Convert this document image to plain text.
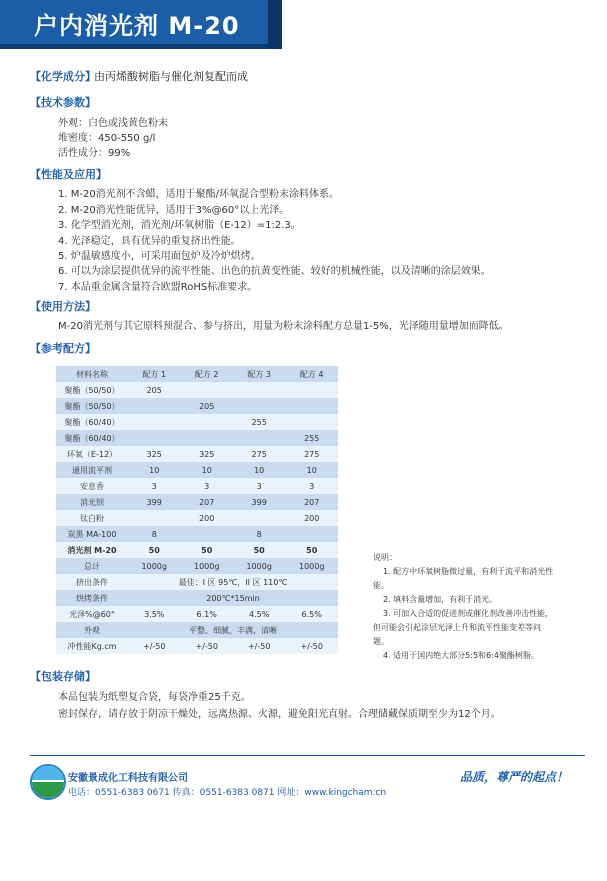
户内消光剂 M-20
【化学成分】
由丙烯酸树脂与催化剂复配而成
【技术参数】
外观：白色或浅黄色粉末
堆密度：450-550 g/l
活性成分：99%
【性能及应用】
1. M-20消光剂不含蜡，适用于聚酯/环氧混合型粉末涂料体系。
2. M-20消光性能优异，适用于3%@60°以上光泽。
3. 化学型消光剂，消光剂/环氧树脂（E-12）=1:2.3。
4. 光泽稳定，具有优异的重复挤出性能。
5. 炉温敏感度小，可采用面包炉及冷炉烘烤。
6. 可以为涂层提供优异的流平性能、出色的抗黄变性能、较好的机械性能，以及清晰的涂层效果。
7. 本品重金属含量符合欧盟RoHS标准要求。
【使用方法】
M-20消光剂与其它原料预混合、参与挤出，用量为粉末涂料配方总量1-5%，光泽随用量增加而降低。
【参考配方】
材料名称	配方 1	配方 2	配方 3	配方 4
聚酯（50/50）	205			
聚酯（50/50）		205		
聚酯（60/40）			255	
聚酯（60/40）				255
环氧（E-12）	325	325	275	275
通用流平剂	10	10	10	10
安息香	3	3	3	3
消光钡	399	207	399	207
钛白粉		200		200
炭黑 MA-100	8		8	
消光剂 M-20	50	50	50	50
总计	1000g	1000g	1000g	1000g
挤出条件	最佳：I 区 95℃，II 区 110℃			
烘烤条件	200℃*15min			
光泽%@60°	3.5%	6.1%	4.5%	6.5%
外观	平整、细腻、丰满、清晰			
冲性能Kg.cm	+/-50	+/-50	+/-50	+/-50
说明：
1. 配方中环氧树脂微过量，有利于流平和消光性
能。
2. 填料含量增加，有利于消光。
3. 可加入合适的促进剂或催化剂改善冲击性能，
但可能会引起涂层光泽上升和流平性能变差等问
题。
4. 适用于国内绝大部分5:5和6:4聚酯树脂。
【包装存储】
本品包装为纸塑复合袋，每袋净重25千克。
密封保存，请存放于阴凉干燥处，远离热源、火源，避免阳光直射。合理储藏保质期至少为12个月。
安徽景成化工科技有限公司
电话：0551-6383 0671 传真：0551-6383 0871 网址：www.kingcham.cn
品质，尊严的起点！
